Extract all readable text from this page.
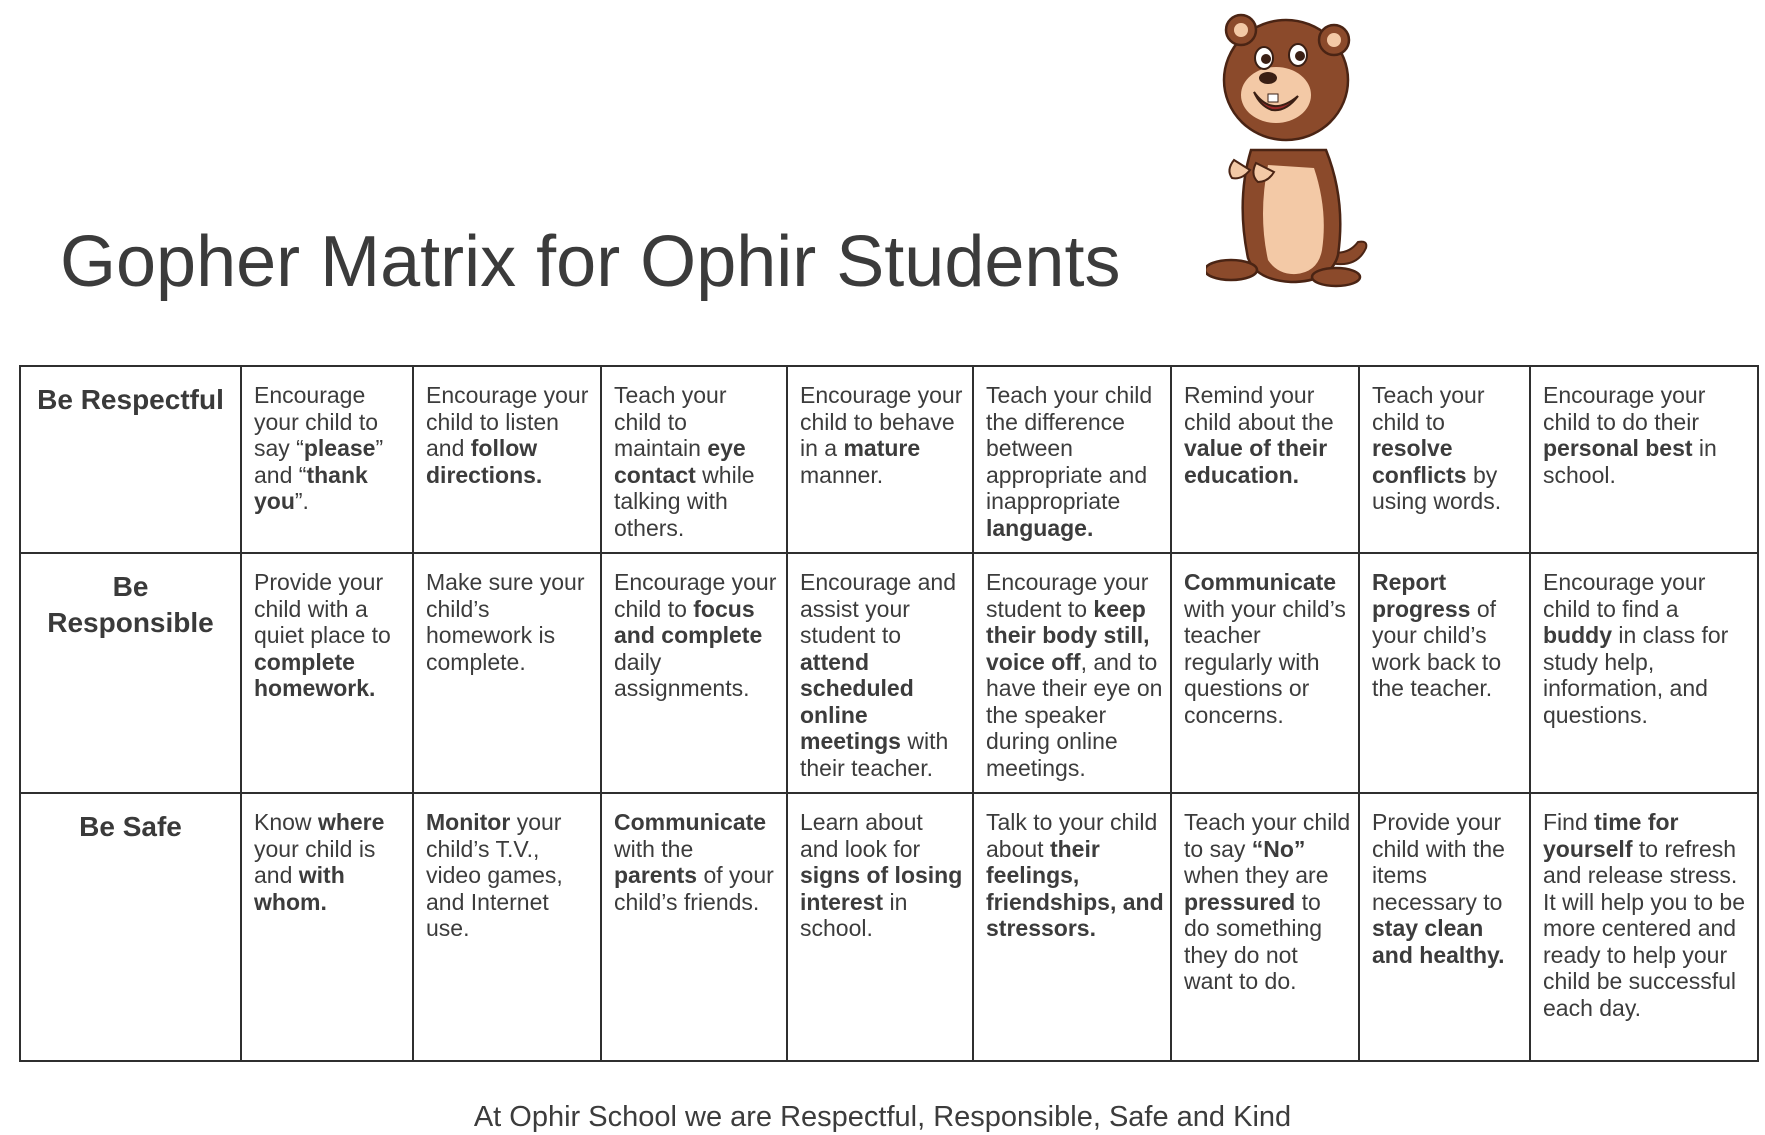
Gopher Matrix for Ophir Students
Be Respectful	Encourage your child to say “please” and “thank you”.	Encourage your child to listen and follow directions.	Teach your child to maintain eye contact while talking with others.	Encourage your child to behave in a mature manner.	Teach your child the difference between appropriate and inappropriate language.	Remind your child about the value of their education.	Teach your child to resolve conflicts by using words.	Encourage your child to do their personal best in school.
Be Responsible	Provide your child with a quiet place to complete homework.	Make sure your child’s homework is complete.	Encourage your child to focus and complete daily assignments.	Encourage and assist your student to attend scheduled online meetings with their teacher.	Encourage your student to keep their body still, voice off, and to have their eye on the speaker during online meetings.	Communicate with your child’s teacher regularly with questions or concerns.	Report progress of your child’s work back to the teacher.	Encourage your child to find a buddy in class for study help, information, and questions.
Be Safe	Know where your child is and with whom.	Monitor your child’s T.V., video games, and Internet use.	Communicate with the parents of your child’s friends.	Learn about and look for signs of losing interest in school.	Talk to your child about their feelings, friendships, and stressors.	Teach your child to say “No” when they are pressured to do something they do not want to do.	Provide your child with the items necessary to stay clean and healthy.	Find time for yourself to refresh and release stress. It will help you to be more centered and ready to help your child be successful each day.
At Ophir School we are Respectful, Responsible, Safe and Kind
